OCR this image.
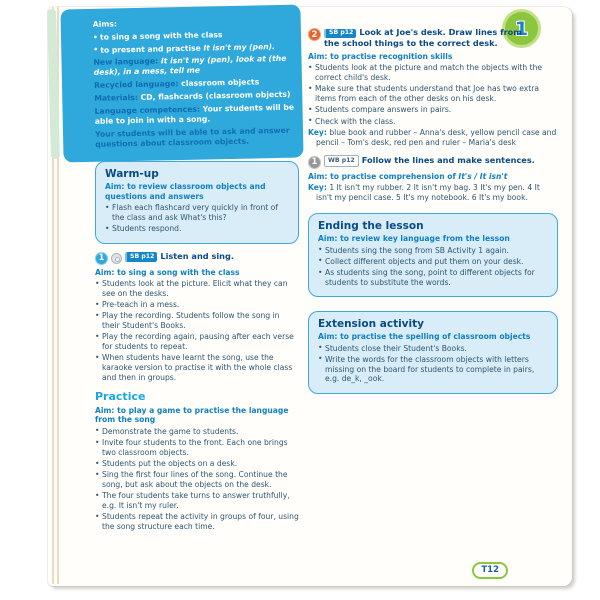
1

Aims:

• to sing a song with the class

• to present and practise It isn't my (pen).

New language: It isn't my (pen), look at (the desk), in a mess, tell me

Recycled language: classroom objects

Materials: CD, flashcards (classroom objects)

Language competences: Your students will be able to join in with a song.

Your students will be able to ask and answer questions about classroom objects.

Warm-up

Aim: to review classroom objects and questions and answers

• Flash each flashcard very quickly in front of the class and ask What's this?

• Students respond.

1	SB p12 Listen and sing.

Aim: to sing a song with the class

• Students look at the picture. Elicit what they can see on the desks.

• Pre-teach in a mess.

• Play the recording. Students follow the song in their Student's Books.

• Play the recording again, pausing after each verse for students to repeat.

• When students have learnt the song, use the karaoke version to practise it with the whole class and then in groups.

Practice

Aim: to play a game to practise the language from the song

• Demonstrate the game to students.

• Invite four students to the front. Each one brings two classroom objects.

• Students put the objects on a desk.

• Sing the first four lines of the song. Continue the song, but ask about the objects on the desk.

• The four students take turns to answer truthfully, e.g. It isn't my ruler.

• Students repeat the activity in groups of four, using the song structure each time.

2	SB p12 Look at Joe's desk. Draw lines from the school things to the correct desk.

Aim: to practise recognition skills

• Students look at the picture and match the objects with the correct child's desk.

• Make sure that students understand that Joe has two extra items from each of the other desks on his desk.

• Students compare answers in pairs.

• Check with the class.

Key: blue book and rubber – Anna's desk, yellow pencil case and pencil – Tom's desk, red pen and ruler – Maria's desk

1	WB p12 Follow the lines and make sentences.

Aim: to practise comprehension of It's / It isn't

Key: 1 It isn't my rubber. 2 It isn't my bag. 3 It's my pen. 4 It isn't my pencil case. 5 It's my notebook. 6 It's my book.

Ending the lesson

Aim: to review key language from the lesson

• Students sing the song from SB Activity 1 again.

• Collect different objects and put them on your desk.

• As students sing the song, point to different objects for students to substitute the words.

Extension activity

Aim: to practise the spelling of classroom objects

• Students close their Student's Books.

• Write the words for the classroom objects with letters missing on the board for students to complete in pairs, e.g. de_k, _ook.

T12
